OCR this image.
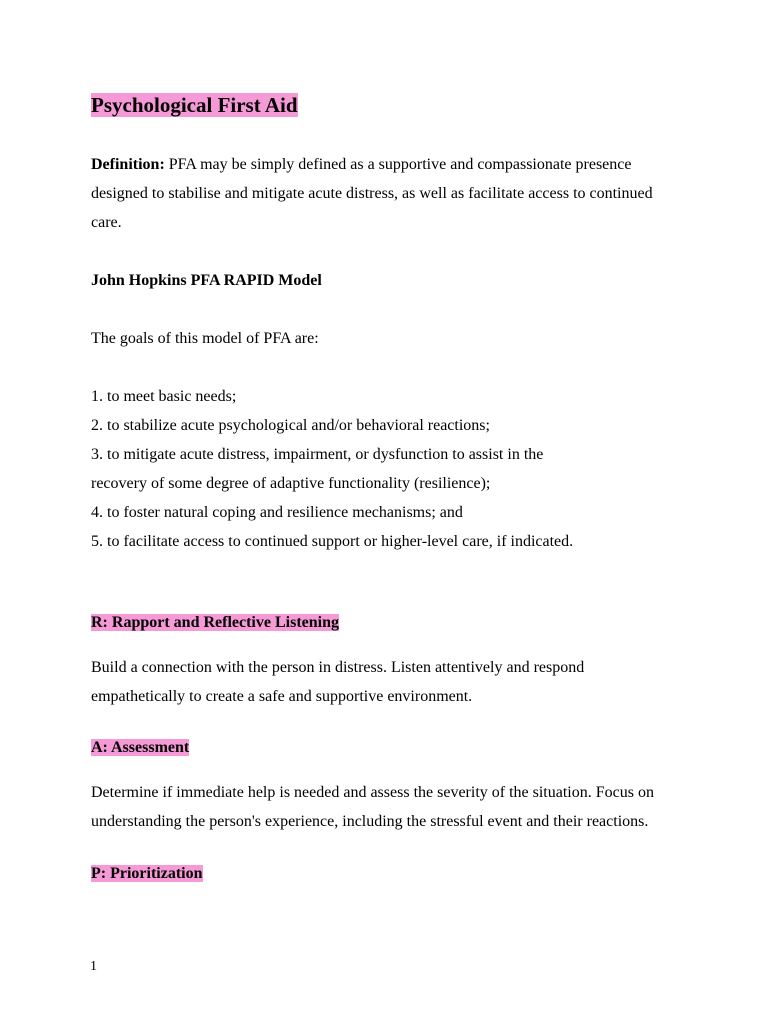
Psychological First Aid

Definition: PFA may be simply defined as a supportive and compassionate presence designed to stabilise and mitigate acute distress, as well as facilitate access to continued care.

John Hopkins PFA RAPID Model

The goals of this model of PFA are:

1. to meet basic needs;
2. to stabilize acute psychological and/or behavioral reactions;
3. to mitigate acute distress, impairment, or dysfunction to assist in the
recovery of some degree of adaptive functionality (resilience);
4. to foster natural coping and resilience mechanisms; and
5. to facilitate access to continued support or higher-level care, if indicated.
R: Rapport and Reflective Listening

Build a connection with the person in distress. Listen attentively and respond empathetically to create a safe and supportive environment.

A: Assessment

Determine if immediate help is needed and assess the severity of the situation. Focus on understanding the person's experience, including the stressful event and their reactions.

P: Prioritization
1
